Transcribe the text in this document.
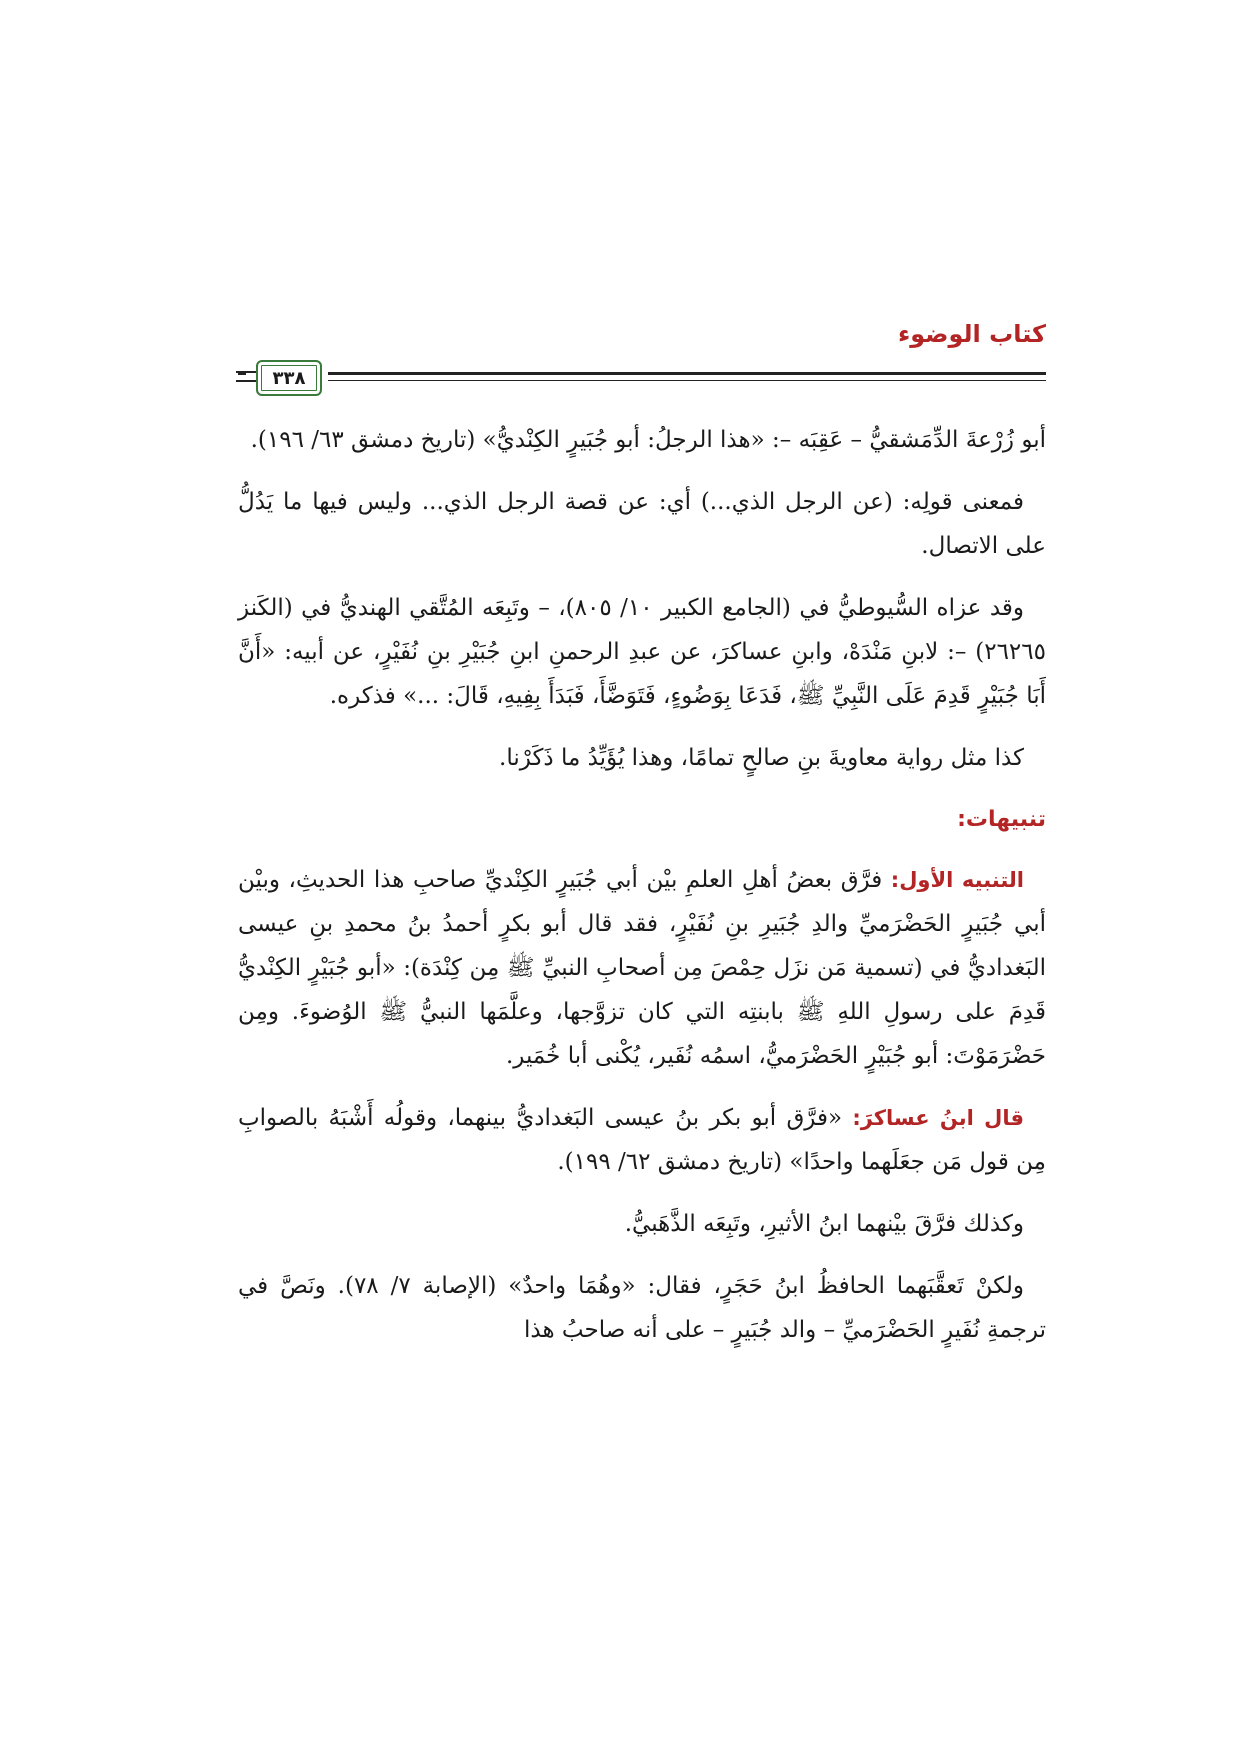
كتاب الوضوء
٣٣٨

أبو زُرْعةَ الدِّمَشقيُّ – عَقِبَه –: «هذا الرجلُ: أبو جُبَيرٍ الكِنْديُّ» (تاريخ دمشق ٦٣/ ١٩٦).

فمعنى قولِه: (عن الرجل الذي...) أي: عن قصة الرجل الذي... وليس فيها ما يَدُلُّ على الاتصال.

وقد عزاه السُّيوطيُّ في (الجامع الكبير ١٠/ ٨٠٥)، – وتَبِعَه المُتَّقي الهنديُّ في (الكَنز ٢٦٢٦٥) –: لابنِ مَنْدَهْ، وابنِ عساكرَ، عن عبدِ الرحمنِ ابنِ جُبَيْرِ بنِ نُفَيْرٍ، عن أبيه: «أَنَّ أَبَا جُبَيْرٍ قَدِمَ عَلَى النَّبِيِّ ﷺ، فَدَعَا بِوَضُوءٍ، فَتَوَضَّأَ، فَبَدَأَ بِفِيهِ، قَالَ: ...» فذكره.

كذا مثل رواية معاويةَ بنِ صالحٍ تمامًا، وهذا يُؤَيِّدُ ما ذَكَرْنا.

تنبيهات:

التنبيه الأول: فرَّق بعضُ أهلِ العلمِ بيْن أبي جُبَيرٍ الكِنْديِّ صاحبِ هذا الحديثِ، وبيْن أبي جُبَيرٍ الحَضْرَميِّ والدِ جُبَيرِ بنِ نُفَيْرٍ، فقد قال أبو بكرٍ أحمدُ بنُ محمدِ بنِ عيسى البَغداديُّ في (تسمية مَن نزَل حِمْصَ مِن أصحابِ النبيِّ ﷺ مِن كِنْدَة): «أبو جُبَيْرٍ الكِنْديُّ قَدِمَ على رسولِ اللهِ ﷺ بابنتِه التي كان تزوَّجها، وعلَّمَها النبيُّ ﷺ الوُضوءَ. ومِن حَضْرَمَوْتَ: أبو جُبَيْرٍ الحَضْرَميُّ، اسمُه نُفَير، يُكْنى أبا خُمَير.

قال ابنُ عساكرَ: «فرَّق أبو بكر بنُ عيسى البَغداديُّ بينهما، وقولُه أَشْبَهُ بالصوابِ مِن قول مَن جعَلَهما واحدًا» (تاريخ دمشق ٦٢/ ١٩٩).

وكذلك فرَّقَ بيْنهما ابنُ الأثيرِ، وتَبِعَه الذَّهَبيُّ.

ولكنْ تَعقَّبَهما الحافظُ ابنُ حَجَرٍ، فقال: «وهُمَا واحدٌ» (الإصابة ٧/ ٧٨). ونَصَّ في ترجمةِ نُفَيرٍ الحَضْرَميِّ – والد جُبَيرٍ – على أنه صاحبُ هذا
